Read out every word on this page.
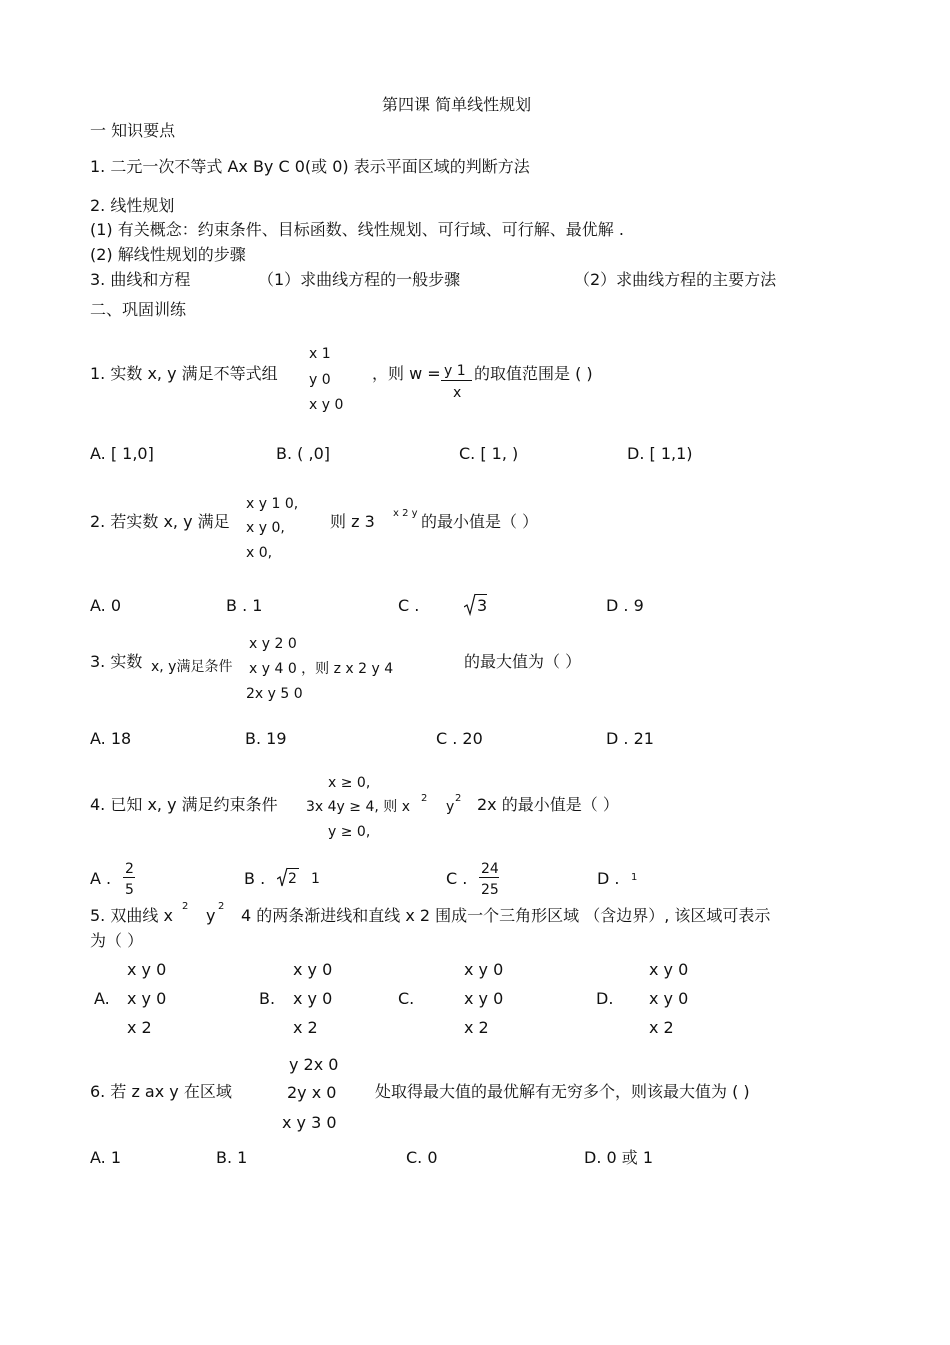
第四课 简单线性规划
一 知识要点
1. 二元一次不等式 Ax By C 0(或 0) 表示平面区域的判断方法
2. 线性规划
(1) 有关概念：约束条件、目标函数、线性规划、可行域、可行解、最优解 .
(2) 解线性规划的步骤
3. 曲线和方程	（1）求曲线方程的一般步骤	（2）求曲线方程的主要方法
二、巩固训练
x 1
y 0
x y 0
1. 实数 x, y 满足不等式组	，则 w = y 1
x
的取值范围是 ( )
A. [ 1,0]	B. ( ,0]	C. [ 1, )	D. [ 1,1)
x y 1 0,
x y 0,
x 0,
2. 若实数 x, y 满足	则 z 3 x 2 y 的最小值是（ ）
A. 0	B . 1	C .	3	D . 9
x y 2 0
x y 4 0 ，则 z x 2 y 4
2x y 5 0
3. 实数 x, y满足条件	的最大值为（ ）
A. 18	B. 19	C . 20	D . 21
x ≥ 0,
3x 4y ≥ 4, 则 x
2
y
2 2x 的最小值是（ ）
y ≥ 0,
4. 已知 x, y 满足约束条件
A . 2
5
B . 2 1	C . 24
25
D . 1
5. 双曲线 x 2 y 2 4 的两条渐进线和直线 x 2 围成一个三角形区域 （含边界）, 该区域可表示
为（ ）
A.
x y 0
x y 0
x 2
B.
x y 0
x y 0
x 2
C.
x y 0
x y 0
x 2
D.
x y 0
x y 0
x 2
y 2x 0
2y x 0
x y 3 0
6. 若 z ax y 在区域	处取得最大值的最优解有无穷多个，则该最大值为 ( )
A. 1	B. 1	C. 0	D. 0 或 1
